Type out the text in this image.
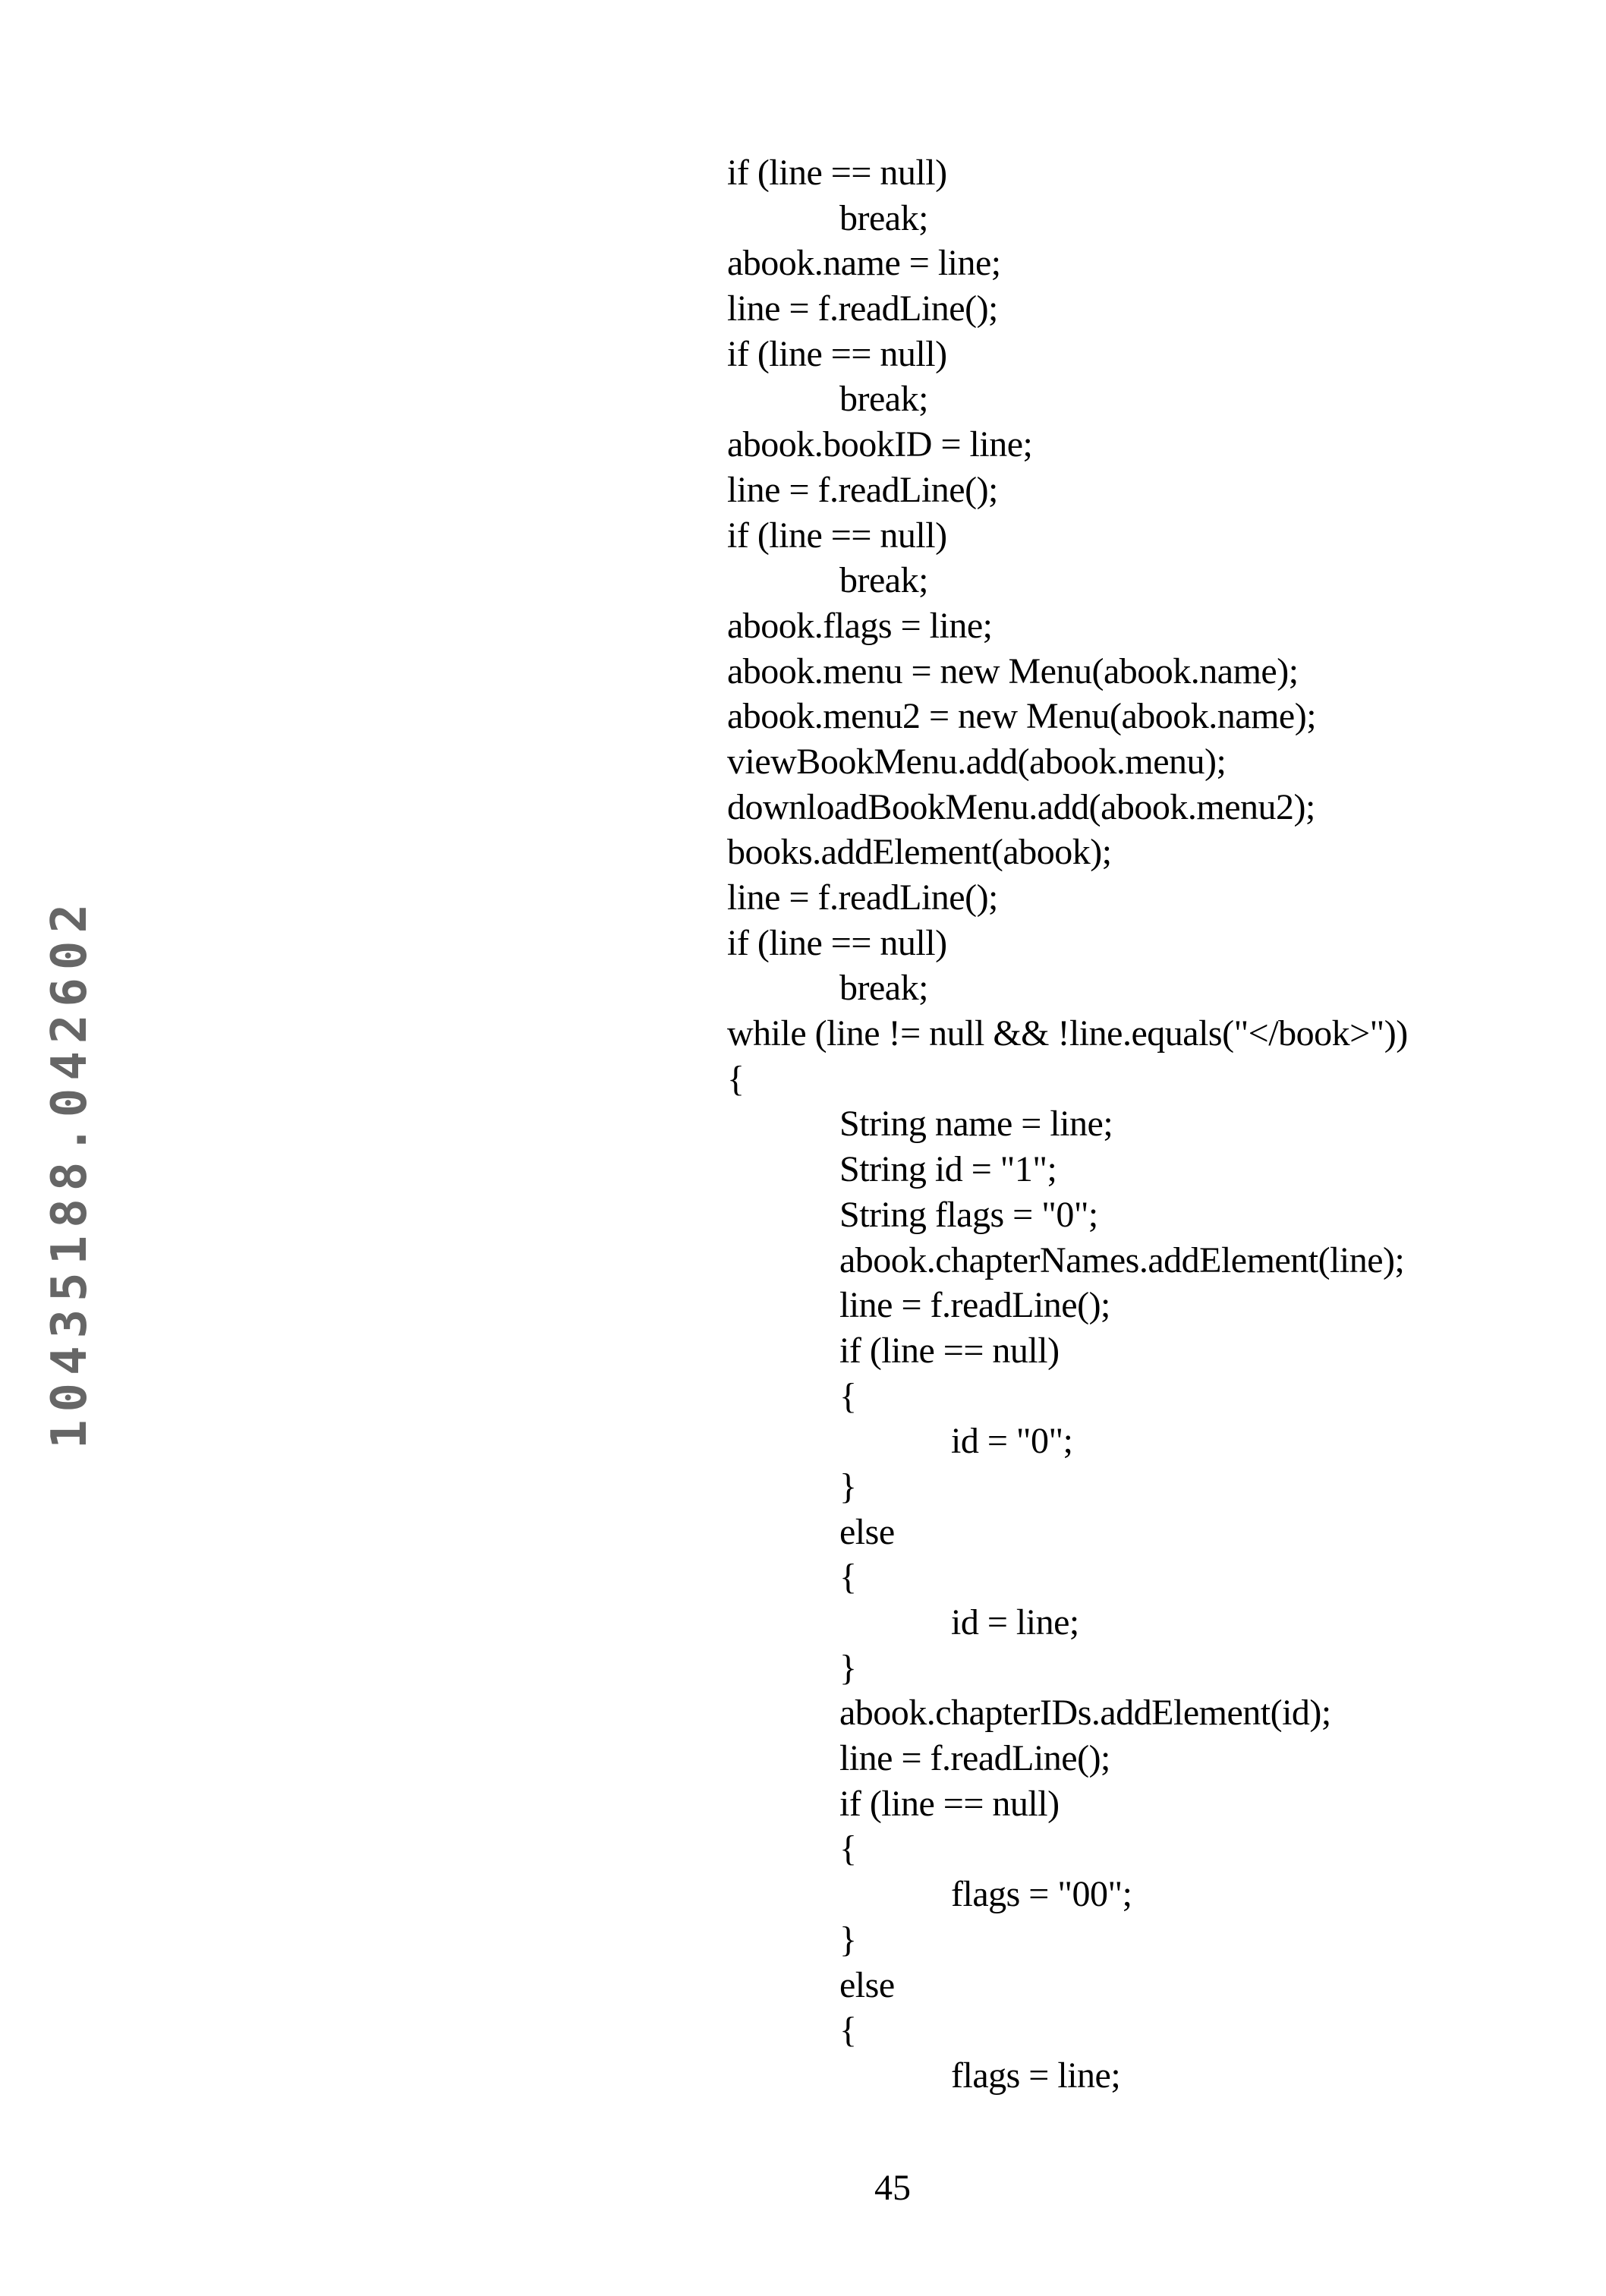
10435188.042602
if (line == null)
break;
abook.name = line;
line = f.readLine();
if (line == null)
break;
abook.bookID = line;
line = f.readLine();
if (line == null)
break;
abook.flags = line;
abook.menu = new Menu(abook.name);
abook.menu2 = new Menu(abook.name);
viewBookMenu.add(abook.menu);
downloadBookMenu.add(abook.menu2);
books.addElement(abook);
line = f.readLine();
if (line == null)
break;
while (line != null && !line.equals("</book>"))
{
String name = line;
String id = "1";
String flags = "0";
abook.chapterNames.addElement(line);
line = f.readLine();
if (line == null)
{
id = "0";
}
else
{
id = line;
}
abook.chapterIDs.addElement(id);
line = f.readLine();
if (line == null)
{
flags = "00";
}
else
{
flags = line;
45
